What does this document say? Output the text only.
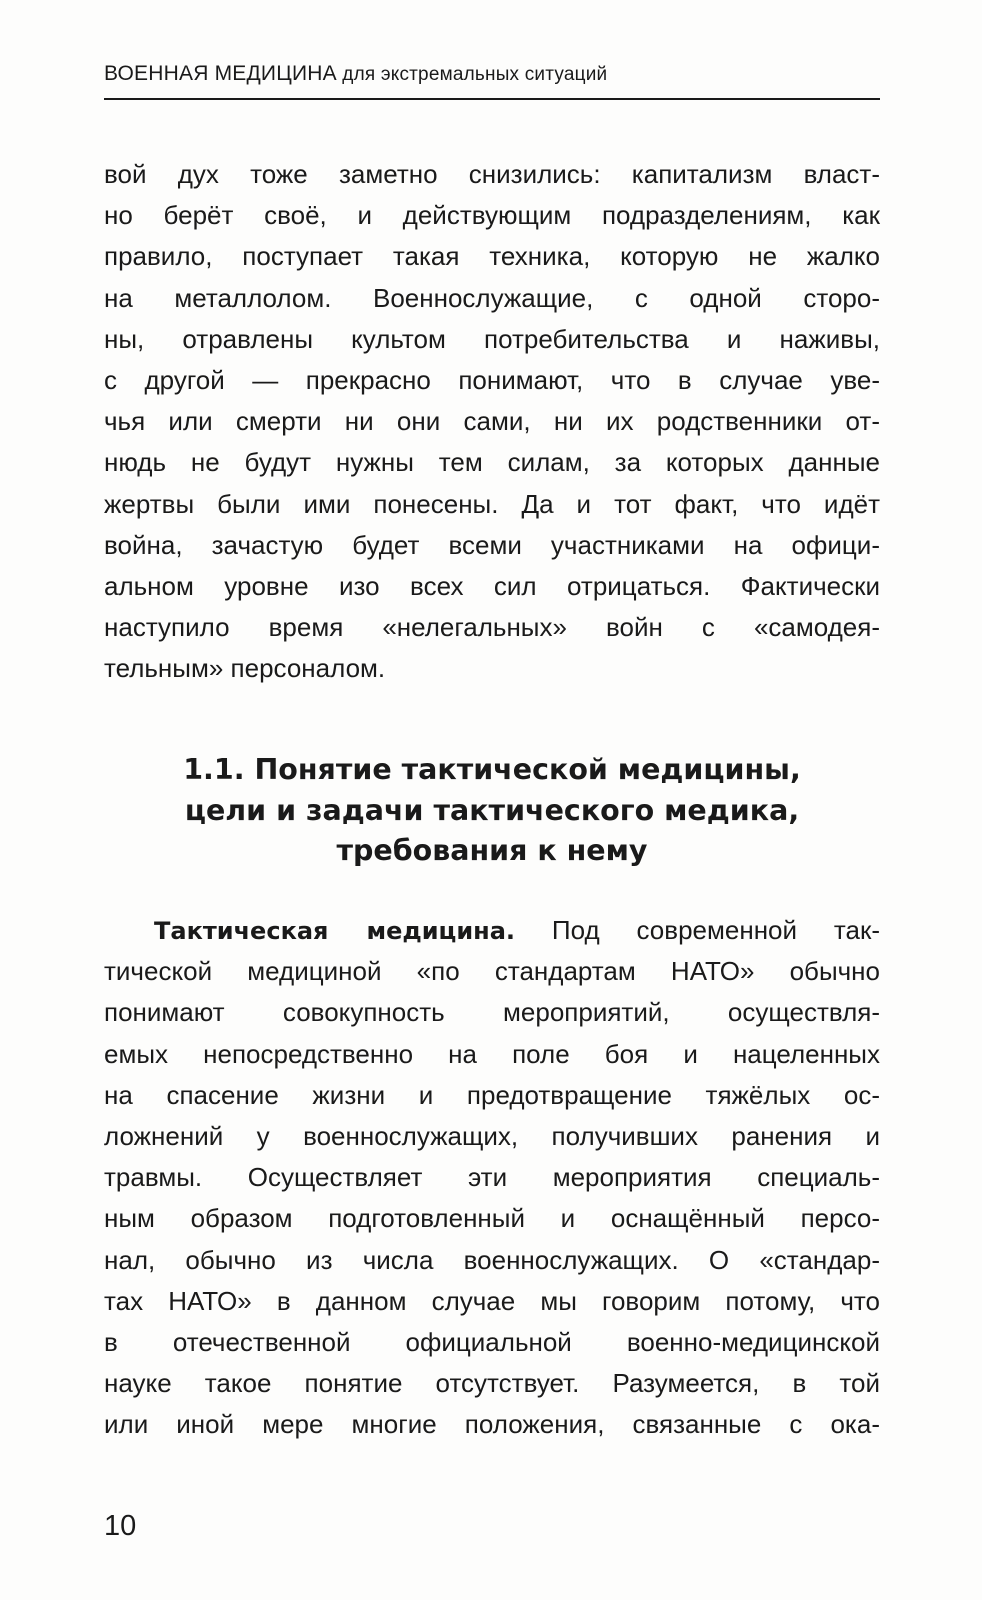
ВОЕННАЯ МЕДИЦИНА для экстремальных ситуаций
вой дух тоже заметно снизились: капитализм власт-
но берёт своё, и действующим подразделениям, как
правило, поступает такая техника, которую не жалко
на металлолом. Военнослужащие, с одной сторо-
ны, отравлены культом потребительства и наживы,
с другой — прекрасно понимают, что в случае уве-
чья или смерти ни они сами, ни их родственники от-
нюдь не будут нужны тем силам, за которых данные
жертвы были ими понесены. Да и тот факт, что идёт
война, зачастую будет всеми участниками на офици-
альном уровне изо всех сил отрицаться. Фактически
наступило время «нелегальных» войн с «самодея-
тельным» персоналом.
1.1. Понятие тактической медицины,
цели и задачи тактического медика,
требования к нему
Тактическая медицина. Под современной так-
тической медициной «по стандартам НАТО» обычно
понимают совокупность мероприятий, осуществля-
емых непосредственно на поле боя и нацеленных
на спасение жизни и предотвращение тяжёлых ос-
ложнений у военнослужащих, получивших ранения и
травмы. Осуществляет эти мероприятия специаль-
ным образом подготовленный и оснащённый персо-
нал, обычно из числа военнослужащих. О «стандар-
тах НАТО» в данном случае мы говорим потому, что
в отечественной официальной военно-медицинской
науке такое понятие отсутствует. Разумеется, в той
или иной мере многие положения, связанные с ока-
10
